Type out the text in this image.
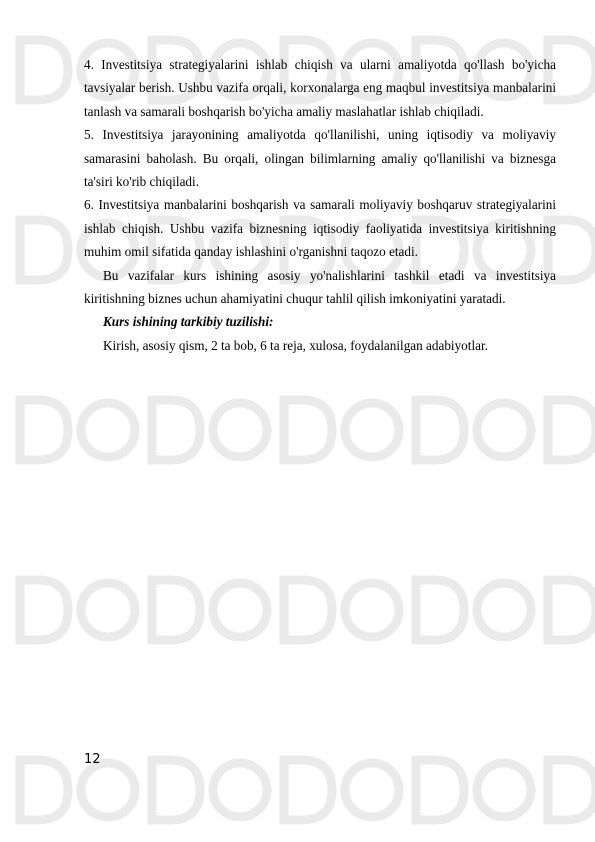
4. Investitsiya strategiyalarini ishlab chiqish va ularni amaliyotda qo'llash bo'yicha tavsiyalar berish. Ushbu vazifa orqali, korxonalarga eng maqbul investitsiya manbalarini tanlash va samarali boshqarish bo'yicha amaliy maslahatlar ishlab chiqiladi.

5. Investitsiya jarayonining amaliyotda qo'llanilishi, uning iqtisodiy va moliyaviy samarasini baholash. Bu orqali, olingan bilimlarning amaliy qo'llanilishi va biznesga ta'siri ko'rib chiqiladi.

6. Investitsiya manbalarini boshqarish va samarali moliyaviy boshqaruv strategiyalarini ishlab chiqish. Ushbu vazifa biznesning iqtisodiy faoliyatida investitsiya kiritishning muhim omil sifatida qanday ishlashini o'rganishni taqozo etadi.

Bu vazifalar kurs ishining asosiy yo'nalishlarini tashkil etadi va investitsiya kiritishning biznes uchun ahamiyatini chuqur tahlil qilish imkoniyatini yaratadi.

Kurs ishining tarkibiy tuzilishi:

Kirish, asosiy qism, 2 ta bob, 6 ta reja, xulosa, foydalanilgan adabiyotlar.

12
